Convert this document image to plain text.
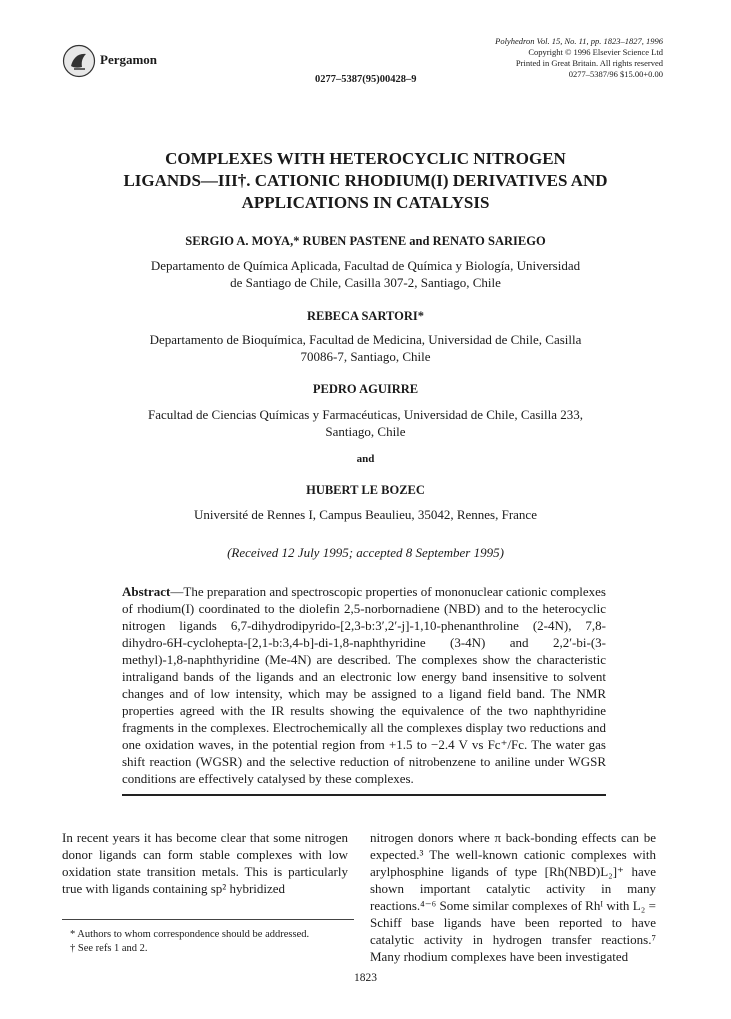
Pergamon
Polyhedron Vol. 15, No. 11, pp. 1823–1827, 1996
Copyright © 1996 Elsevier Science Ltd
Printed in Great Britain. All rights reserved
0277–5387/96 $15.00+0.00
0277–5387(95)00428–9
COMPLEXES WITH HETEROCYCLIC NITROGEN
LIGANDS—III†. CATIONIC RHODIUM(I) DERIVATIVES AND
APPLICATIONS IN CATALYSIS
SERGIO A. MOYA,* RUBEN PASTENE and RENATO SARIEGO
Departamento de Química Aplicada, Facultad de Química y Biología, Universidad
de Santiago de Chile, Casilla 307-2, Santiago, Chile
REBECA SARTORI*
Departamento de Bioquímica, Facultad de Medicina, Universidad de Chile, Casilla
70086-7, Santiago, Chile
PEDRO AGUIRRE
Facultad de Ciencias Químicas y Farmacéuticas, Universidad de Chile, Casilla 233,
Santiago, Chile
and
HUBERT LE BOZEC
Université de Rennes I, Campus Beaulieu, 35042, Rennes, France
(Received 12 July 1995; accepted 8 September 1995)
Abstract—The preparation and spectroscopic properties of mononuclear cationic complexes of rhodium(I) coordinated to the diolefin 2,5-norbornadiene (NBD) and to the heterocyclic nitrogen ligands 6,7-dihydrodipyrido-[2,3-b:3′,2′-j]-1,10-phenanthroline (2-4N), 7,8-dihydro-6H-cyclohepta-[2,1-b:3,4-b]-di-1,8-naphthyridine (3-4N) and 2,2′-bi-(3-methyl)-1,8-naphthyridine (Me-4N) are described. The complexes show the characteristic intraligand bands of the ligands and an electronic low energy band insensitive to solvent changes and of low intensity, which may be assigned to a ligand field band. The NMR properties agreed with the IR results showing the equivalence of the two naphthyridine fragments in the complexes. Electrochemically all the complexes display two reductions and one oxidation waves, in the potential region from +1.5 to −2.4 V vs Fc⁺/Fc. The water gas shift reaction (WGSR) and the selective reduction of nitrobenzene to aniline under WGSR conditions are effectively catalysed by these complexes.
In recent years it has become clear that some nitrogen donor ligands can form stable complexes with low oxidation state transition metals. This is particularly true with ligands containing sp² hybridized
nitrogen donors where π back-bonding effects can be expected.³ The well-known cationic complexes with arylphosphine ligands of type [Rh(NBD)L₂]⁺ have shown important catalytic activity in many reactions.⁴⁻⁶ Some similar complexes of Rhᴵ with L₂ = Schiff base ligands have been reported to have catalytic activity in hydrogen transfer reactions.⁷ Many rhodium complexes have been investigated
* Authors to whom correspondence should be addressed.
† See refs 1 and 2.
1823
